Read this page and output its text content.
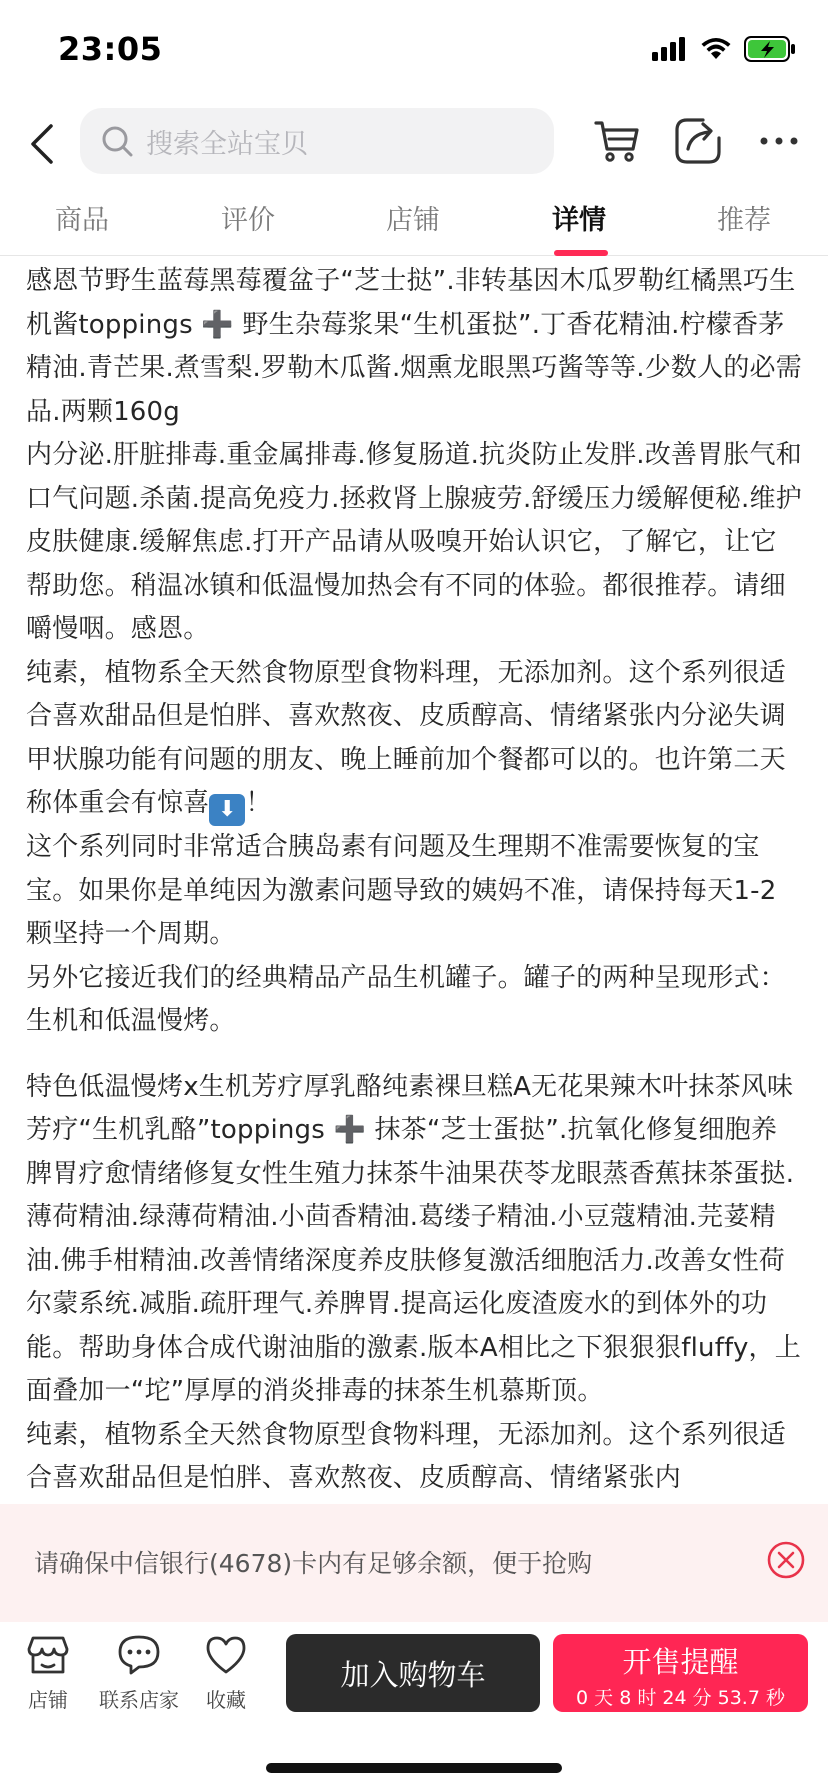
23:05
搜索全站宝贝
商品	评价	店铺	详情	推荐

感恩节野生蓝莓黑莓覆盆子“芝士挞”.非转基因木瓜罗勒红橘黑巧生机酱toppings ➕ 野生杂莓浆果“生机蛋挞”.丁香花精油.柠檬香茅精油.青芒果.煮雪梨.罗勒木瓜酱.烟熏龙眼黑巧酱等等.少数人的必需品.两颗160g

内分泌.肝脏排毒.重金属排毒.修复肠道.抗炎防止发胖.改善胃胀气和口气问题.杀菌.提高免疫力.拯救肾上腺疲劳.舒缓压力缓解便秘.维护皮肤健康.缓解焦虑.打开产品请从吸嗅开始认识它，了解它，让它帮助您。稍温冰镇和低温慢加热会有不同的体验。都很推荐。请细嚼慢咽。感恩。

纯素，植物系全天然食物原型食物料理，无添加剂。这个系列很适合喜欢甜品但是怕胖、喜欢熬夜、皮质醇高、情绪紧张内分泌失调甲状腺功能有问题的朋友、晚上睡前加个餐都可以的。也许第二天称体重会有惊喜 ⬇ ！

这个系列同时非常适合胰岛素有问题及生理期不准需要恢复的宝宝。如果你是单纯因为激素问题导致的姨妈不准，请保持每天1-2颗坚持一个周期。

另外它接近我们的经典精品产品生机罐子。罐子的两种呈现形式：生机和低温慢烤。

特色低温慢烤x生机芳疗厚乳酪纯素裸旦糕A无花果辣木叶抹茶风味芳疗“生机乳酪”toppings ➕ 抹茶“芝士蛋挞”.抗氧化修复细胞养脾胃疗愈情绪修复女性生殖力抹茶牛油果茯苓龙眼蒸香蕉抹茶蛋挞.薄荷精油.绿薄荷精油.小茴香精油.葛缕子精油.小豆蔻精油.芫荽精油.佛手柑精油.改善情绪深度养皮肤修复激活细胞活力.改善女性荷尔蒙系统.减脂.疏肝理气.养脾胃.提高运化废渣废水的到体外的功能。帮助身体合成代谢油脂的激素.版本A相比之下狠狠狠fluffy，上面叠加一“坨”厚厚的消炎排毒的抹茶生机慕斯顶。

纯素，植物系全天然食物原型食物料理，无添加剂。这个系列很适合喜欢甜品但是怕胖、喜欢熬夜、皮质醇高、情绪紧张内

请确保中信银行(4678)卡内有足够余额，便于抢购
店铺	联系店家	收藏
加入购物车	开售提醒
0 天 8 时 24 分 53.7 秒
